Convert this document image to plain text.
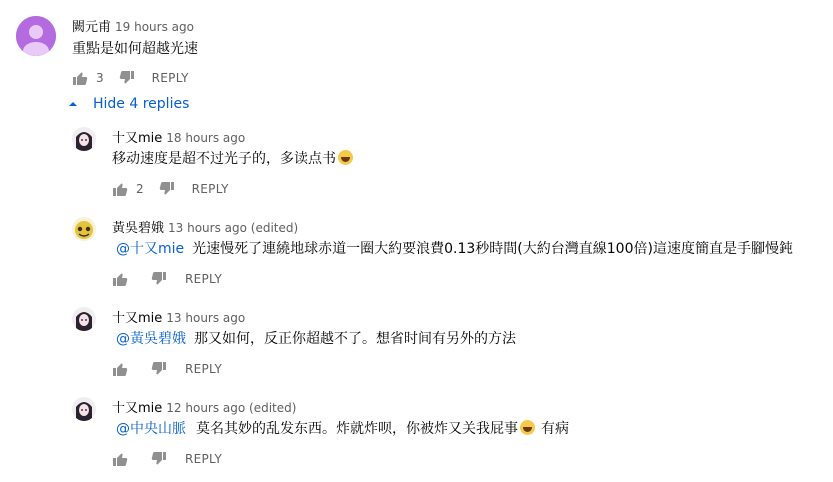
闕元甫 19 hours ago
重點是如何超越光速
3	REPLY
Hide 4 replies
十又mie 18 hours ago
移动速度是超不过光子的，多读点书
2	REPLY
黃吳碧娥 13 hours ago (edited)
@十又mie 光速慢死了連繞地球赤道一圈大約要浪費0.13秒時間(大約台灣直線100倍)這速度簡直是手腳慢鈍
REPLY
十又mie 13 hours ago
@黃吳碧娥 那又如何，反正你超越不了。想省时间有另外的方法
REPLY
十又mie 12 hours ago (edited)
@中央山脈 莫名其妙的乱发东西。炸就炸呗，你被炸又关我屁事 有病
REPLY
